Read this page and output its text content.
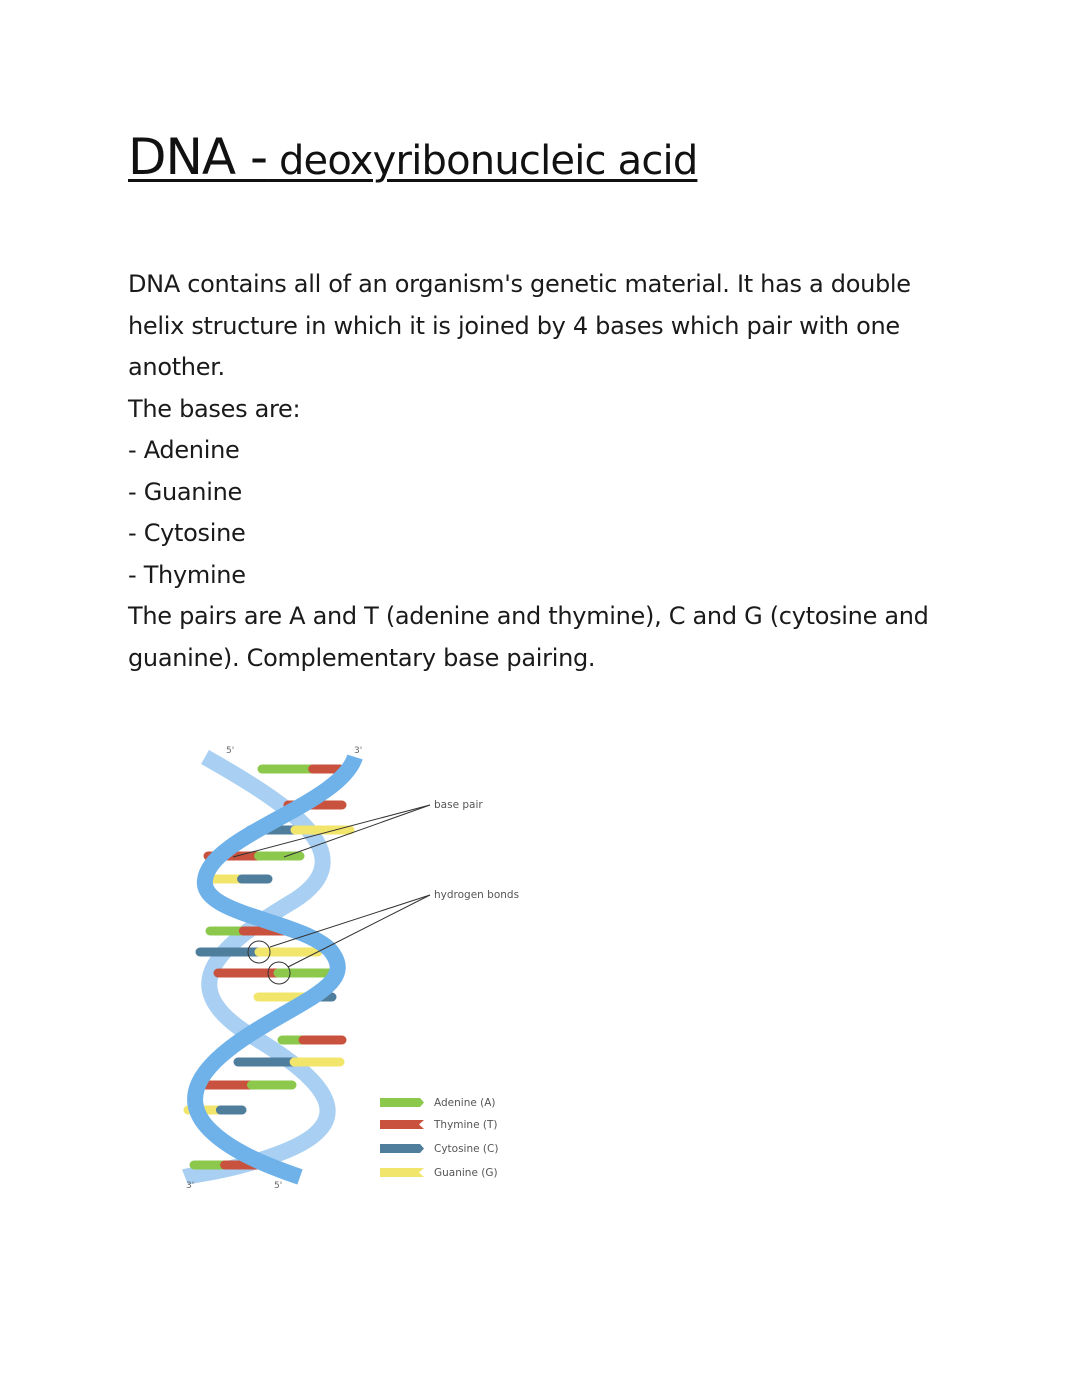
DNA - deoxyribonucleic acid

DNA contains all of an organism's genetic material. It has a double helix structure in which it is joined by 4 bases which pair with one another.

The bases are:

- Adenine

- Guanine

- Cytosine

- Thymine

The pairs are A and T (adenine and thymine), C and G (cytosine and guanine). Complementary base pairing.

base pair
hydrogen bonds
5'	3'
3'	5'
Adenine (A)
Thymine (T)
Cytosine (C)
Guanine (G)
